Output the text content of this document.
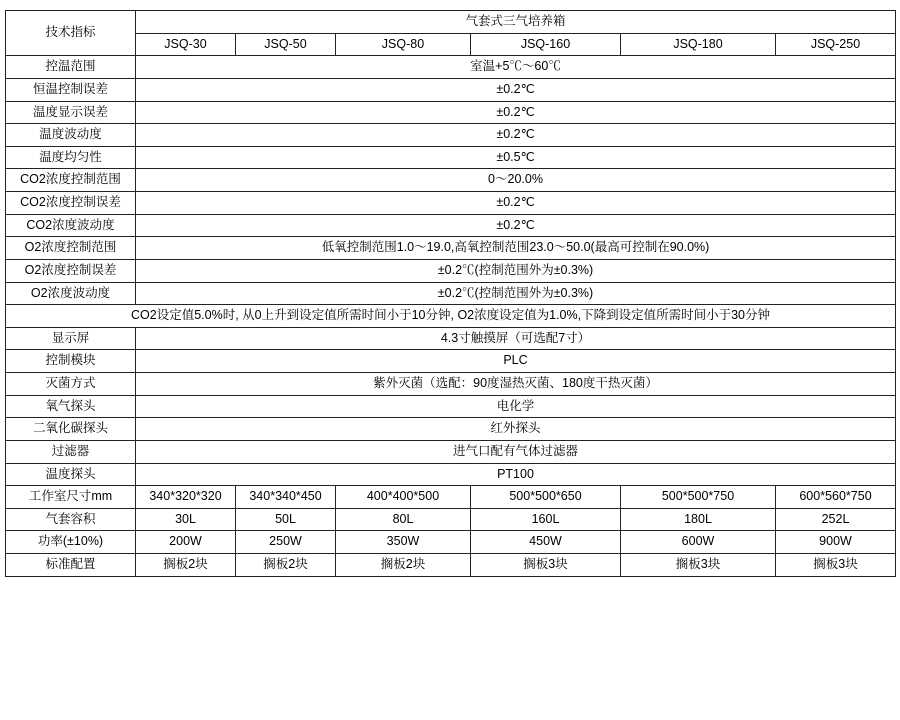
技术指标	气套式三气培养箱					
	JSQ-30	JSQ-50	JSQ-80	JSQ-160	JSQ-180	JSQ-250
控温范围	室温+5℃～60℃					
恒温控制误差	±0.2℃					
温度显示误差	±0.2℃					
温度波动度	±0.2℃					
温度均匀性	±0.5℃					
CO2浓度控制范围	0～20.0%					
CO2浓度控制误差	±0.2℃					
CO2浓度波动度	±0.2℃					
O2浓度控制范围	低氧控制范围1.0～19.0,高氧控制范围23.0～50.0(最高可控制在90.0%)					
O2浓度控制误差	±0.2℃(控制范围外为±0.3%)					
O2浓度波动度	±0.2℃(控制范围外为±0.3%)					
CO2设定值5.0%时, 从0上升到设定值所需时间小于10分钟, O2浓度设定值为1.0%,下降到设定值所需时间小于30分钟						
显示屏	4.3寸触摸屏（可选配7寸）					
控制模块	PLC					
灭菌方式	紫外灭菌（选配：90度湿热灭菌、180度干热灭菌）					
氧气探头	电化学					
二氧化碳探头	红外探头					
过滤器	进气口配有气体过滤器					
温度探头	PT100					
工作室尺寸mm	340*320*320	340*340*450	400*400*500	500*500*650	500*500*750	600*560*750
气套容积	30L	50L	80L	160L	180L	252L
功率(±10%)	200W	250W	350W	450W	600W	900W
标准配置	搁板2块	搁板2块	搁板2块	搁板3块	搁板3块	搁板3块
